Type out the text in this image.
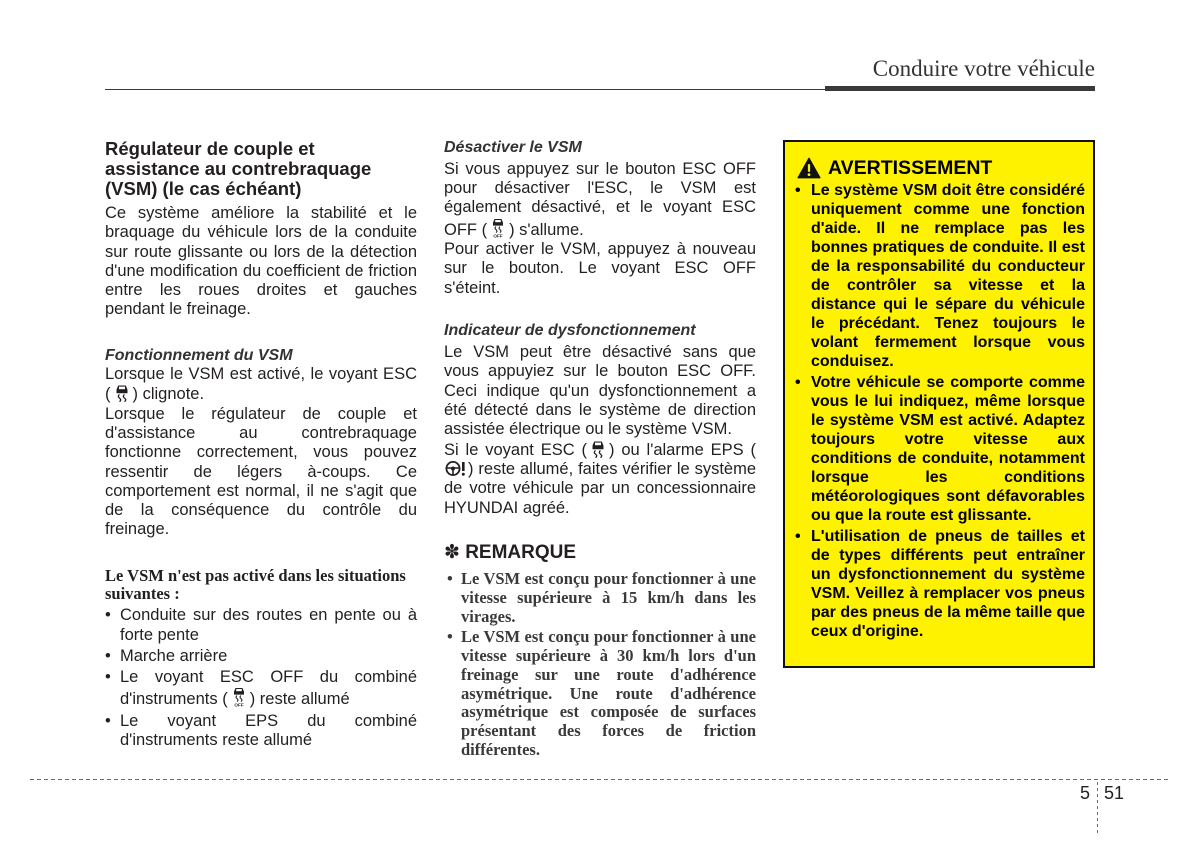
Conduire votre véhicule
Régulateur de couple et assistance au contrebraquage (VSM) (le cas échéant)

Ce système améliore la stabilité et le braquage du véhicule lors de la conduite sur route glissante ou lors de la détection d'une modification du coefficient de friction entre les roues droites et gauches pendant le freinage.

Fonctionnement du VSM

Lorsque le VSM est activé, le voyant ESC ( ) clignote.

Lorsque le régulateur de couple et d'assistance au contrebraquage fonctionne correctement, vous pouvez ressentir de légers à-coups. Ce comportement est normal, il ne s'agit que de la conséquence du contrôle du freinage.

Le VSM n'est pas activé dans les situations suivantes :
• Conduite sur des routes en pente ou à forte pente
• Marche arrière
• Le voyant ESC OFF du combiné d'instruments ( OFF ) reste allumé
• Le voyant EPS du combiné d'instruments reste allumé
Désactiver le VSM

Si vous appuyez sur le bouton ESC OFF pour désactiver l'ESC, le VSM est également désactivé, et le voyant ESC OFF ( OFF ) s'allume.

Pour activer le VSM, appuyez à nouveau sur le bouton. Le voyant ESC OFF s'éteint.

Indicateur de dysfonctionnement

Le VSM peut être désactivé sans que vous appuyiez sur le bouton ESC OFF. Ceci indique qu'un dysfonctionnement a été détecté dans le système de direction assistée électrique ou le système VSM.

Si le voyant ESC ( ) ou l'alarme EPS () reste allumé, faites vérifier le système de votre véhicule par un concessionnaire HYUNDAI agréé.

✽ REMARQUE
• Le VSM est conçu pour fonctionner à une vitesse supérieure à 15 km/h dans les virages.
• Le VSM est conçu pour fonctionner à une vitesse supérieure à 30 km/h lors d'un freinage sur une route d'adhérence asymétrique. Une route d'adhérence asymétrique est composée de surfaces présentant des forces de friction différentes.
AVERTISSEMENT
• Le système VSM doit être considéré uniquement comme une fonction d'aide. Il ne remplace pas les bonnes pratiques de conduite. Il est de la responsabilité du conducteur de contrôler sa vitesse et la distance qui le sépare du véhicule le précédant. Tenez toujours le volant fermement lorsque vous conduisez.
• Votre véhicule se comporte comme vous le lui indiquez, même lorsque le système VSM est activé. Adaptez toujours votre vitesse aux conditions de conduite, notamment lorsque les conditions météorologiques sont défavorables ou que la route est glissante.
• L'utilisation de pneus de tailles et de types différents peut entraîner un dysfonctionnement du système VSM. Veillez à remplacer vos pneus par des pneus de la même taille que ceux d'origine.
5 51
